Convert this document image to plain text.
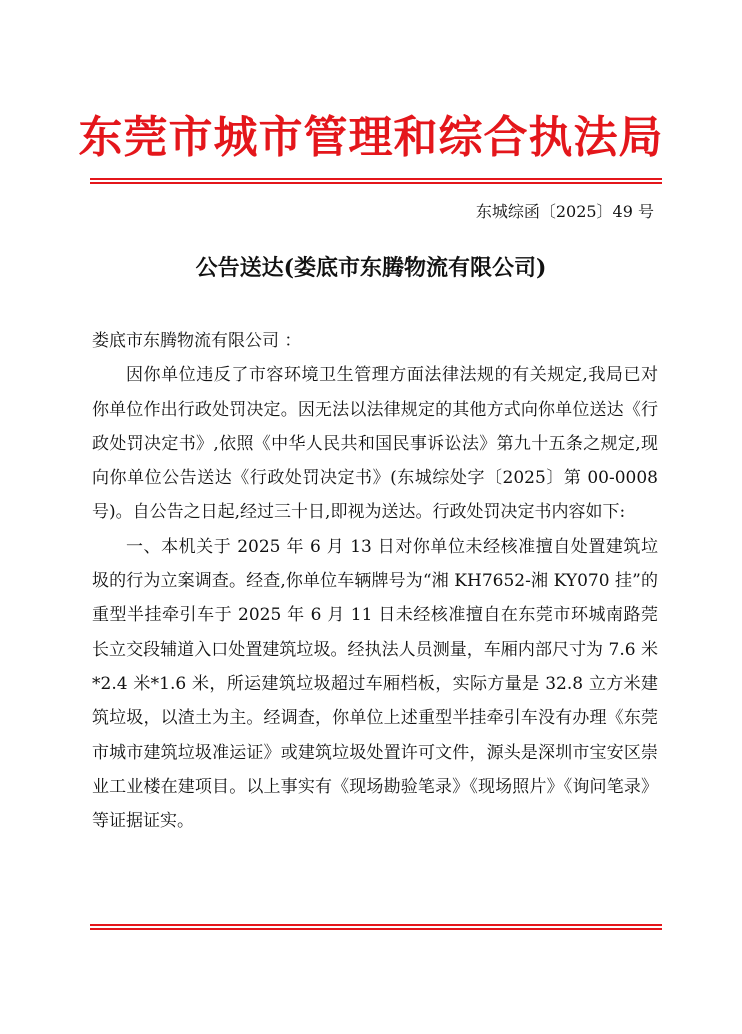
东莞市城市管理和综合执法局
东城综函〔2025〕49 号
公告送达(娄底市东腾物流有限公司)

娄底市东腾物流有限公司 ：

因你单位违反了市容环境卫生管理方面法律法规的有关规定,我局已对你单位作出行政处罚决定。因无法以法律规定的其他方式向你单位送达《行政处罚决定书》,依照《中华人民共和国民事诉讼法》第九十五条之规定,现向你单位公告送达《行政处罚决定书》(东城综处字〔2025〕第 00-0008 号)。自公告之日起,经过三十日,即视为送达。行政处罚决定书内容如下:

一、本机关于 2025 年 6 月 13 日对你单位未经核准擅自处置建筑垃圾的行为立案调查。经查,你单位车辆牌号为“湘 KH7652-湘 KY070 挂”的重型半挂牵引车于 2025 年 6 月 11 日未经核准擅自在东莞市环城南路莞长立交段辅道入口处置建筑垃圾。经执法人员测量，车厢内部尺寸为 7.6 米*2.4 米*1.6 米，所运建筑垃圾超过车厢档板，实际方量是 32.8 立方米建筑垃圾，以渣土为主。经调查，你单位上述重型半挂牵引车没有办理《东莞市城市建筑垃圾准运证》或建筑垃圾处置许可文件，源头是深圳市宝安区崇业工业楼在建项目。以上事实有《现场勘验笔录》《现场照片》《询问笔录》等证据证实。
